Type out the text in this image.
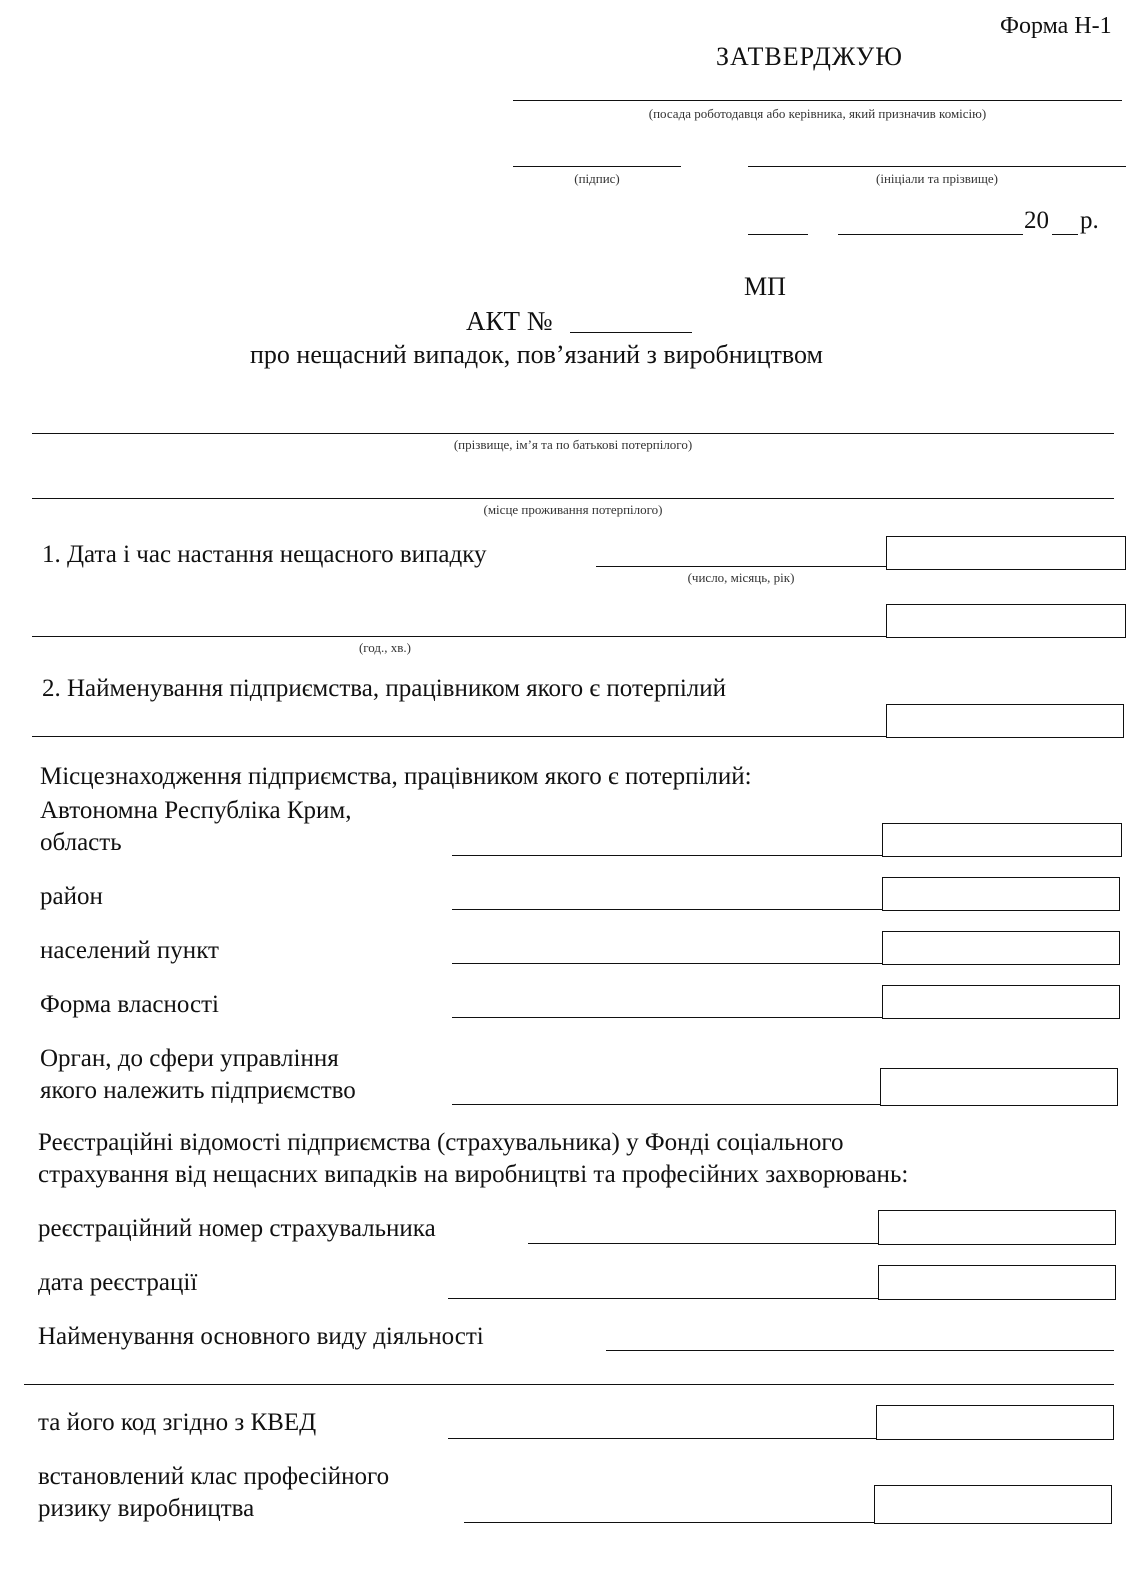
Форма Н-1
ЗАТВЕРДЖУЮ
(посада роботодавця або керівника, який призначив комісію)
(підпис)	(ініціали та прізвище)
20 р.
МП
АКТ №
про нещасний випадок, пов’язаний з виробництвом
(прізвище, ім’я та по батькові потерпілого)
(місце проживання потерпілого)
1. Дата і час настання нещасного випадку
(число, місяць, рік)
(год., хв.)
2. Найменування підприємства, працівником якого є потерпілий
Місцезнаходження підприємства, працівником якого є потерпілий:
Автономна Республіка Крим,
область
район
населений пункт
Форма власності
Орган, до сфери управління
якого належить підприємство
Реєстраційні відомості підприємства (страхувальника) у Фонді соціального
страхування від нещасних випадків на виробництві та професійних захворювань:
реєстраційний номер страхувальника
дата реєстрації
Найменування основного виду діяльності
та його код згідно з КВЕД
встановлений клас професійного
ризику виробництва
